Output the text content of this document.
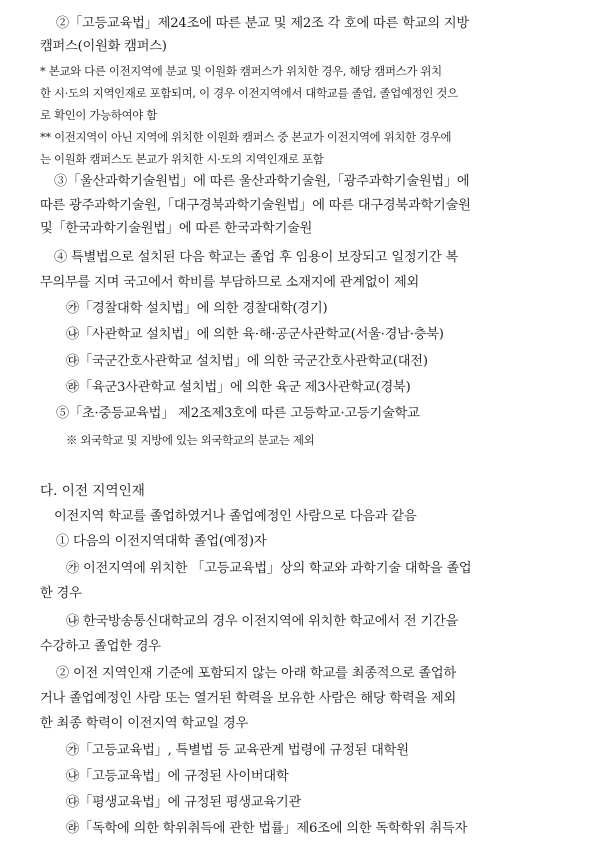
②「고등교육법」제24조에 따른 분교 및 제2조 각 호에 따른 학교의 지방
캠퍼스(이원화 캠퍼스)
* 본교와 다른 이전지역에 분교 및 이원화 캠퍼스가 위치한 경우, 해당 캠퍼스가 위치
한 시·도의 지역인재로 포함되며, 이 경우 이전지역에서 대학교를 졸업, 졸업예정인 것으
로 확인이 가능하여야 함
** 이전지역이 아닌 지역에 위치한 이원화 캠퍼스 중 본교가 이전지역에 위치한 경우에
는 이원화 캠퍼스도 본교가 위치한 시·도의 지역인재로 포함
③「울산과학기술원법」에 따른 울산과학기술원,「광주과학기술원법」에
따른 광주과학기술원,「대구경북과학기술원법」에 따른 대구경북과학기술원
및「한국과학기술원법」에 따른 한국과학기술원
④ 특별법으로 설치된 다음 학교는 졸업 후 임용이 보장되고 일정기간 복
무의무를 지며 국고에서 학비를 부담하므로 소재지에 관계없이 제외
㉮「경찰대학 설치법」에 의한 경찰대학(경기)
㉯「사관학교 설치법」에 의한 육·해·공군사관학교(서울·경남·충북)
㉰「국군간호사관학교 설치법」에 의한 국군간호사관학교(대전)
㉱「육군3사관학교 설치법」에 의한 육군 제3사관학교(경북)
⑤「초·중등교육법」 제2조제3호에 따른 고등학교·고등기술학교
※ 외국학교 및 지방에 있는 외국학교의 분교는 제외
다. 이전 지역인재
이전지역 학교를 졸업하였거나 졸업예정인 사람으로 다음과 같음
① 다음의 이전지역대학 졸업(예정)자
㉮ 이전지역에 위치한 「고등교육법」상의 학교와 과학기술 대학을 졸업
한 경우
㉯ 한국방송통신대학교의 경우 이전지역에 위치한 학교에서 전 기간을
수강하고 졸업한 경우
② 이전 지역인재 기준에 포함되지 않는 아래 학교를 최종적으로 졸업하
거나 졸업예정인 사람 또는 열거된 학력을 보유한 사람은 해당 학력을 제외
한 최종 학력이 이전지역 학교일 경우
㉮「고등교육법」, 특별법 등 교육관계 법령에 규정된 대학원
㉯「고등교육법」에 규정된 사이버대학
㉰「평생교육법」에 규정된 평생교육기관
㉱「독학에 의한 학위취득에 관한 법률」제6조에 의한 독학학위 취득자
